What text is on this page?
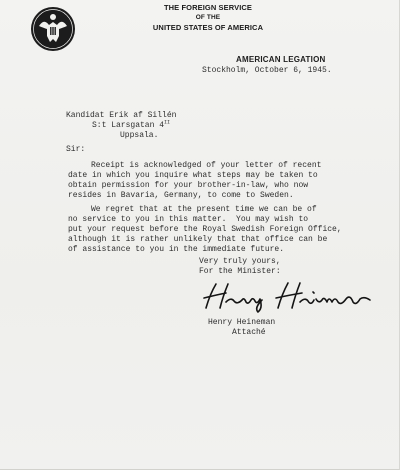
THE FOREIGN SERVICE
OF THE
UNITED STATES OF AMERICA
AMERICAN LEGATION
Stockholm, October 6, 1945.
Kandidat Erik af Sillén
S:t Larsgatan $4^{II}$
Uppsala.
Sir:
Receipt is acknowledged of your letter of recent
date in which you inquire what steps may be taken to
obtain permission for your brother-in-law, who now
resides in Bavaria, Germany, to come to Sweden.
We regret that at the present time we can be of
no service to you in this matter.  You may wish to
put your request before the Royal Swedish Foreign Office,
although it is rather unlikely that that office can be
of assistance to you in the immediate future.
Very truly yours,
For the Minister:
Henry Heineman
Attaché
